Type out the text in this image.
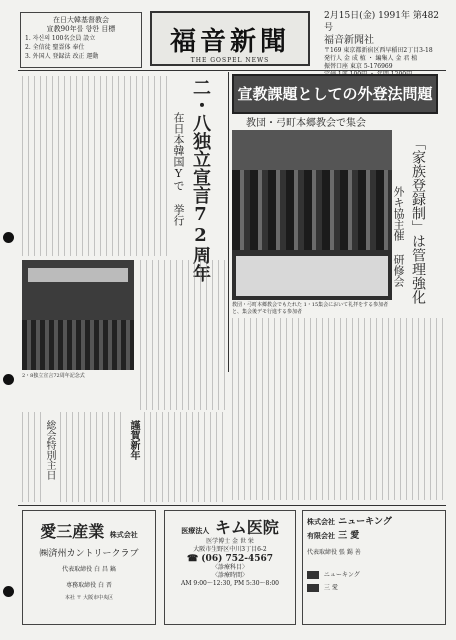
在日大韓基督教会
宣教90年를 향한 目標
1. 자신의 100名会員 設立
2. 全信徒 聖霊体 奉仕
3. 外国人 登録法 改正 運動	福音新聞
THE GOSPEL NEWS
2月15日(金) 1991年 第482号
福音新聞社
〒169 東京都新宿区西早稲田2丁目3-18
発行人 金 成 植 ・ 編集人 金 君 植
振替口座 東京 5-176969
二・八独立宣言72周年
在日本韓国Yで 挙行
2・8独立宣言72周年記念式
宣教課題としての外登法問題
教団・弓町本郷教会で集会
教団・弓町本郷教会でもたれた 1・15集会において礼拝をする参加者と、集会後デモ行進する参加者
「家族登録制」は管理強化
外キ協主催 研修会
総会特別主日	謹賀新年
愛三産業 株式会社
㈱済州カントリークラブ
代表取締役 白 昌 鎬
専務取締役 白 晋
本社 〒 大阪市中央区
医療法人 キム医院
医学博士 金 世 栄
大阪市生野区中川3丁目6-2
☎ (06) 752-4567
〈診療科目〉
〈診療時間〉
AM 9:00〜12:30, PM 5:30〜8:00
株式会社 ニューキング
有限会社 三 愛
代表取締役 張 錫 善
ニューキング
三 愛
